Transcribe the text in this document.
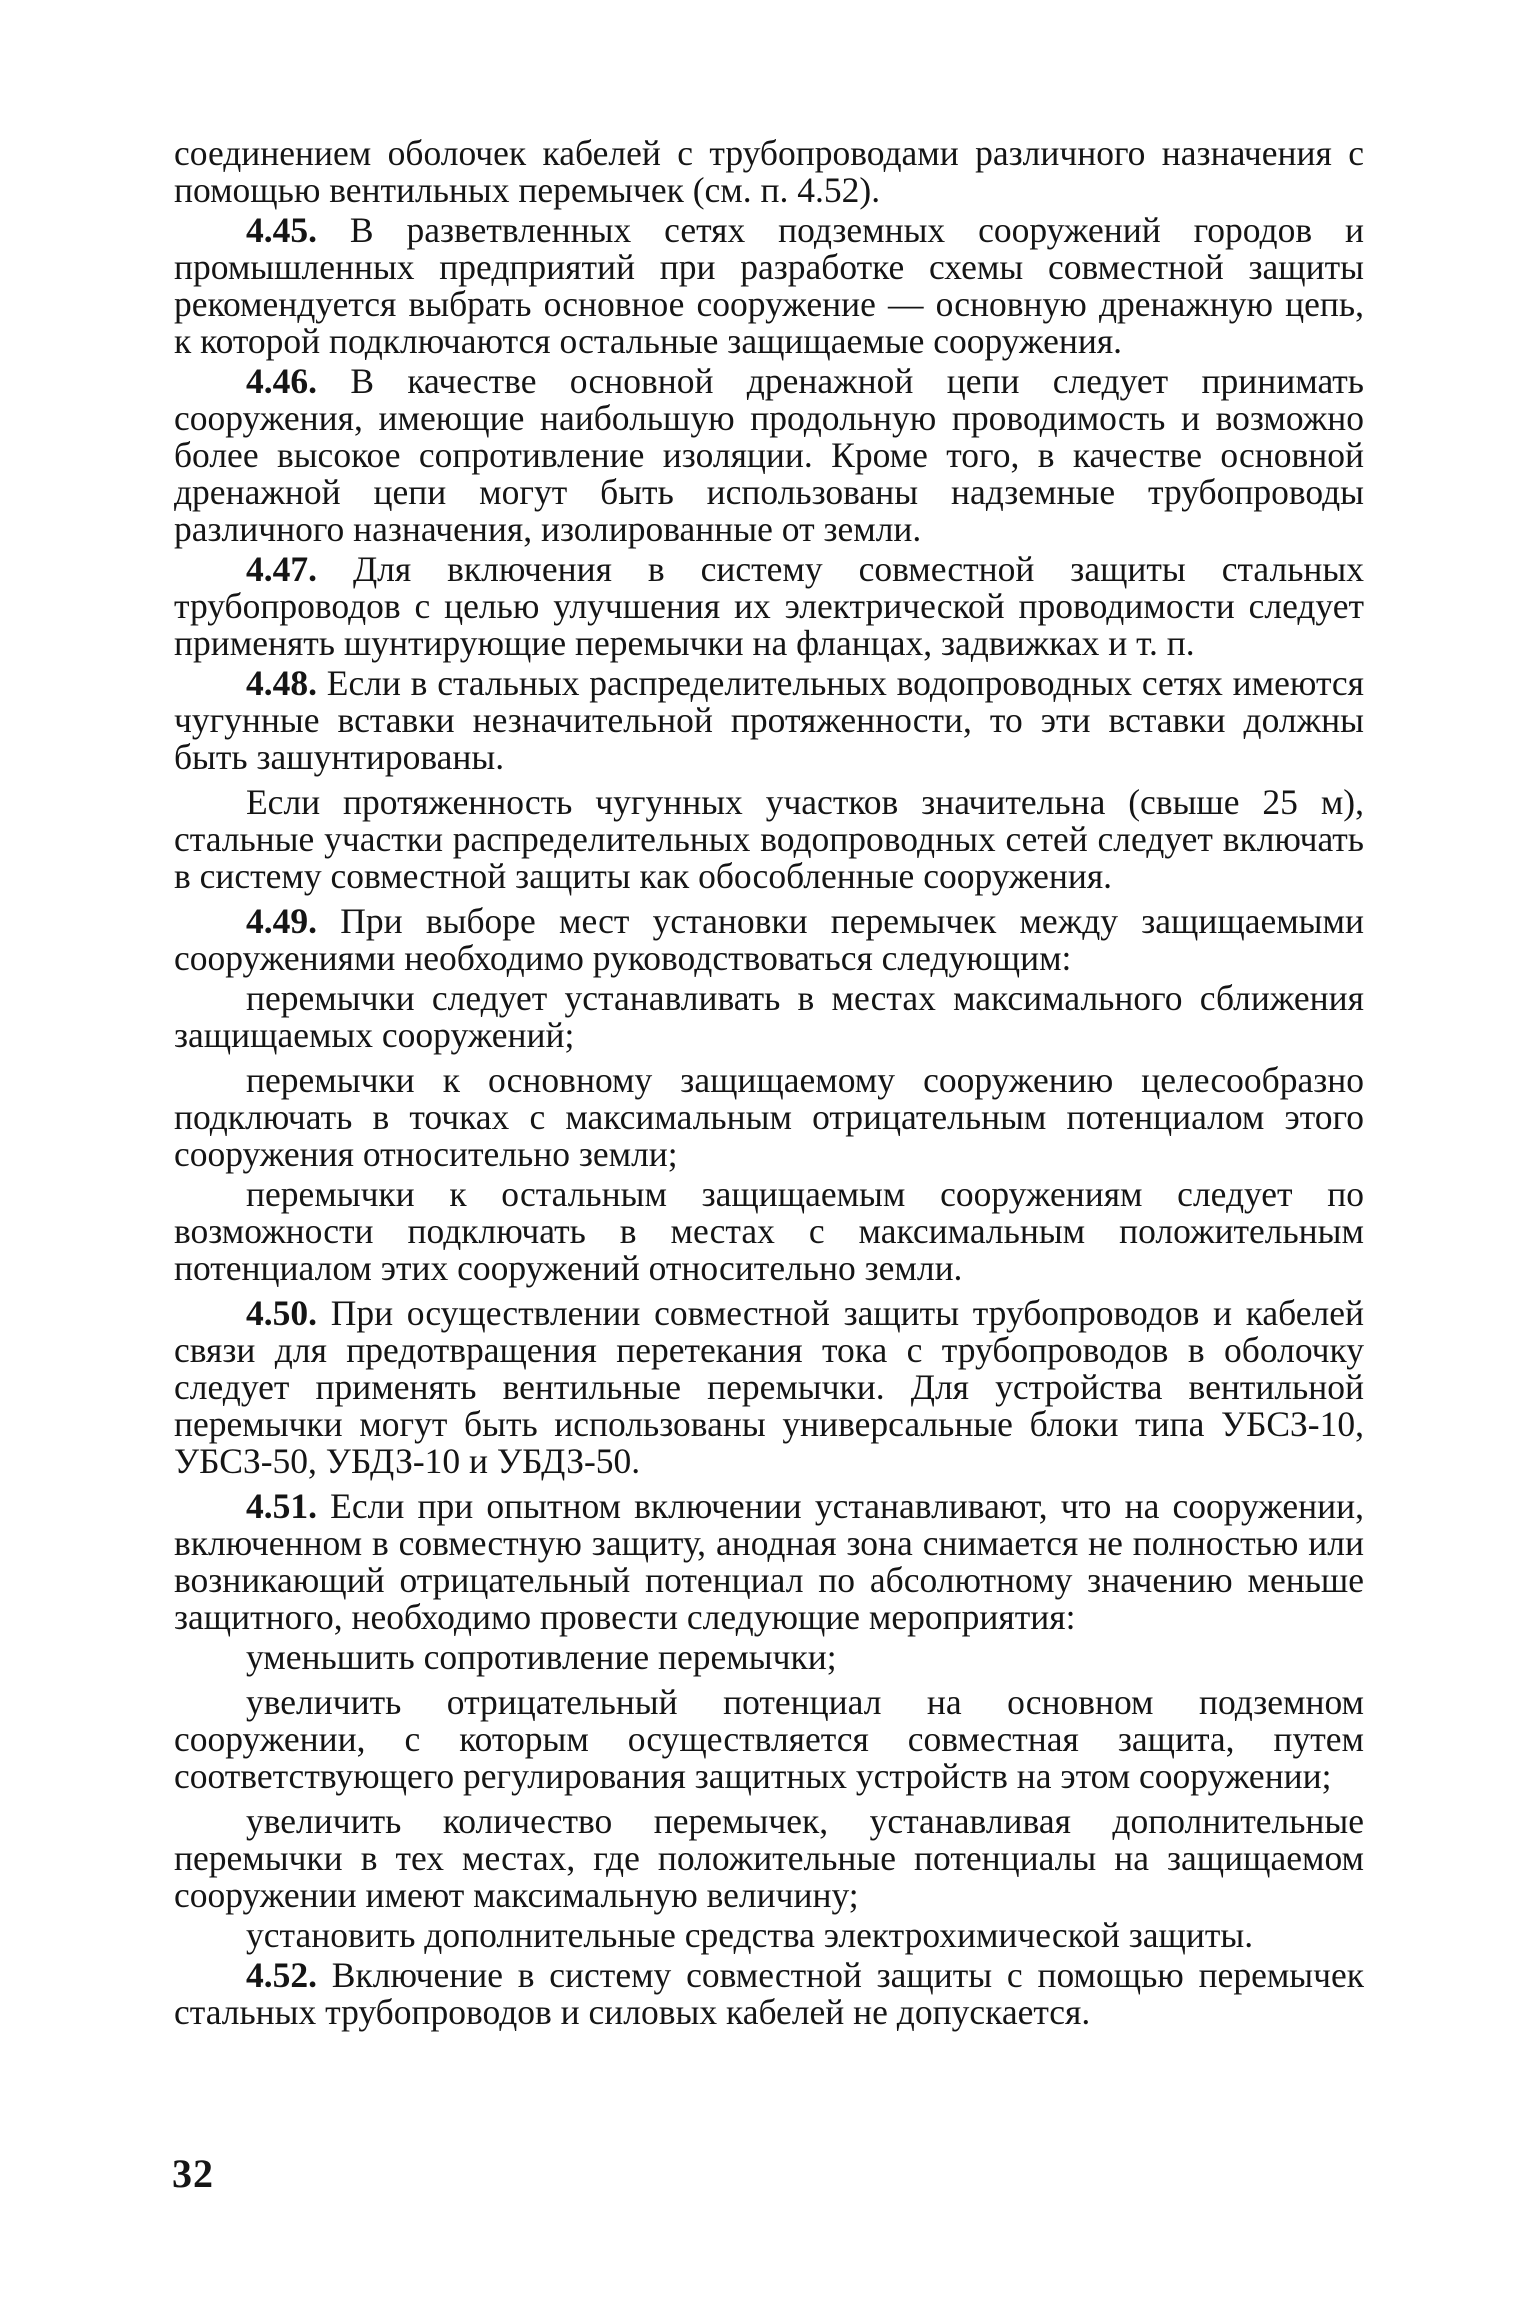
соединением оболочек кабелей с трубопроводами различного назначения с помощью вентильных перемычек (см. п. 4.52).

4.45. В разветвленных сетях подземных сооружений городов и промышленных предприятий при разработке схемы совместной защиты рекомендуется выбрать основное сооружение — основную дренажную цепь, к которой подключаются остальные защищаемые сооружения.

4.46. В качестве основной дренажной цепи следует принимать сооружения, имеющие наибольшую продольную проводимость и возможно более высокое сопротивление изоляции. Кроме того, в качестве основной дренажной цепи могут быть использованы надземные трубопроводы различного назначения, изолированные от земли.

4.47. Для включения в систему совместной защиты стальных трубопроводов с целью улучшения их электрической проводимости следует применять шунтирующие перемычки на фланцах, задвижках и т. п.

4.48. Если в стальных распределительных водопроводных сетях имеются чугунные вставки незначительной протяженности, то эти вставки должны быть зашунтированы.

Если протяженность чугунных участков значительна (свыше 25 м), стальные участки распределительных водопроводных сетей следует включать в систему совместной защиты как обособленные сооружения.

4.49. При выборе мест установки перемычек между защищаемыми сооружениями необходимо руководствоваться следующим:

перемычки следует устанавливать в местах максимального сближения защищаемых сооружений;

перемычки к основному защищаемому сооружению целесообразно подключать в точках с максимальным отрицательным потенциалом этого сооружения относительно земли;

перемычки к остальным защищаемым сооружениям следует по возможности подключать в местах с максимальным положительным потенциалом этих сооружений относительно земли.

4.50. При осуществлении совместной защиты трубопроводов и кабелей связи для предотвращения перетекания тока с трубопроводов в оболочку следует применять вентильные перемычки. Для устройства вентильной перемычки могут быть использованы универсальные блоки типа УБСЗ-10, УБСЗ-50, УБДЗ-10 и УБДЗ-50.

4.51. Если при опытном включении устанавливают, что на сооружении, включенном в совместную защиту, анодная зона снимается не полностью или возникающий отрицательный потенциал по абсолютному значению меньше защитного, необходимо провести следующие мероприятия:

уменьшить сопротивление перемычки;

увеличить отрицательный потенциал на основном подземном сооружении, с которым осуществляется совместная защита, путем соответствующего регулирования защитных устройств на этом сооружении;

увеличить количество перемычек, устанавливая дополнительные перемычки в тех местах, где положительные потенциалы на защищаемом сооружении имеют максимальную величину;

установить дополнительные средства электрохимической защиты.

4.52. Включение в систему совместной защиты с помощью перемычек стальных трубопроводов и силовых кабелей не допускается.

32
